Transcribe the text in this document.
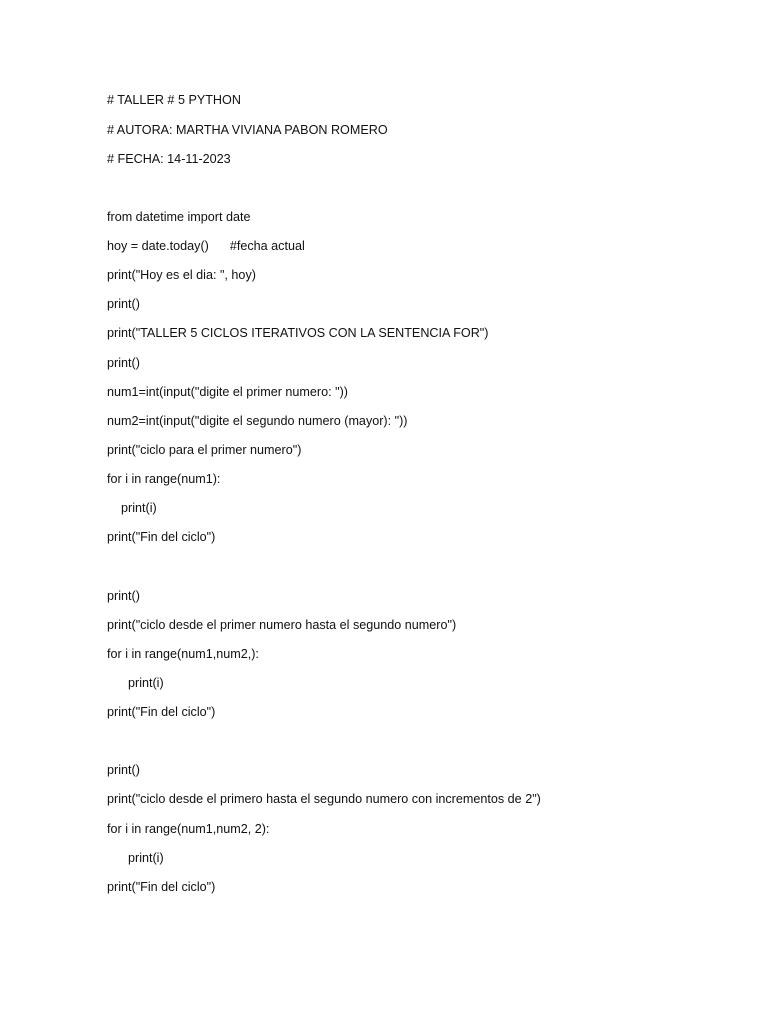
# TALLER # 5 PYTHON
# AUTORA: MARTHA VIVIANA PABON ROMERO
# FECHA: 14-11-2023
from datetime import date
hoy = date.today()      #fecha actual
print("Hoy es el dia: ", hoy)
print()
print("TALLER 5 CICLOS ITERATIVOS CON LA SENTENCIA FOR")
print()
num1=int(input("digite el primer numero: "))
num2=int(input("digite el segundo numero (mayor): "))
print("ciclo para el primer numero")
for i in range(num1):
print(i)
print("Fin del ciclo")
print()
print("ciclo desde el primer numero hasta el segundo numero")
for i in range(num1,num2,):
print(i)
print("Fin del ciclo")
print()
print("ciclo desde el primero hasta el segundo numero con incrementos de 2")
for i in range(num1,num2, 2):
print(i)
print("Fin del ciclo")
